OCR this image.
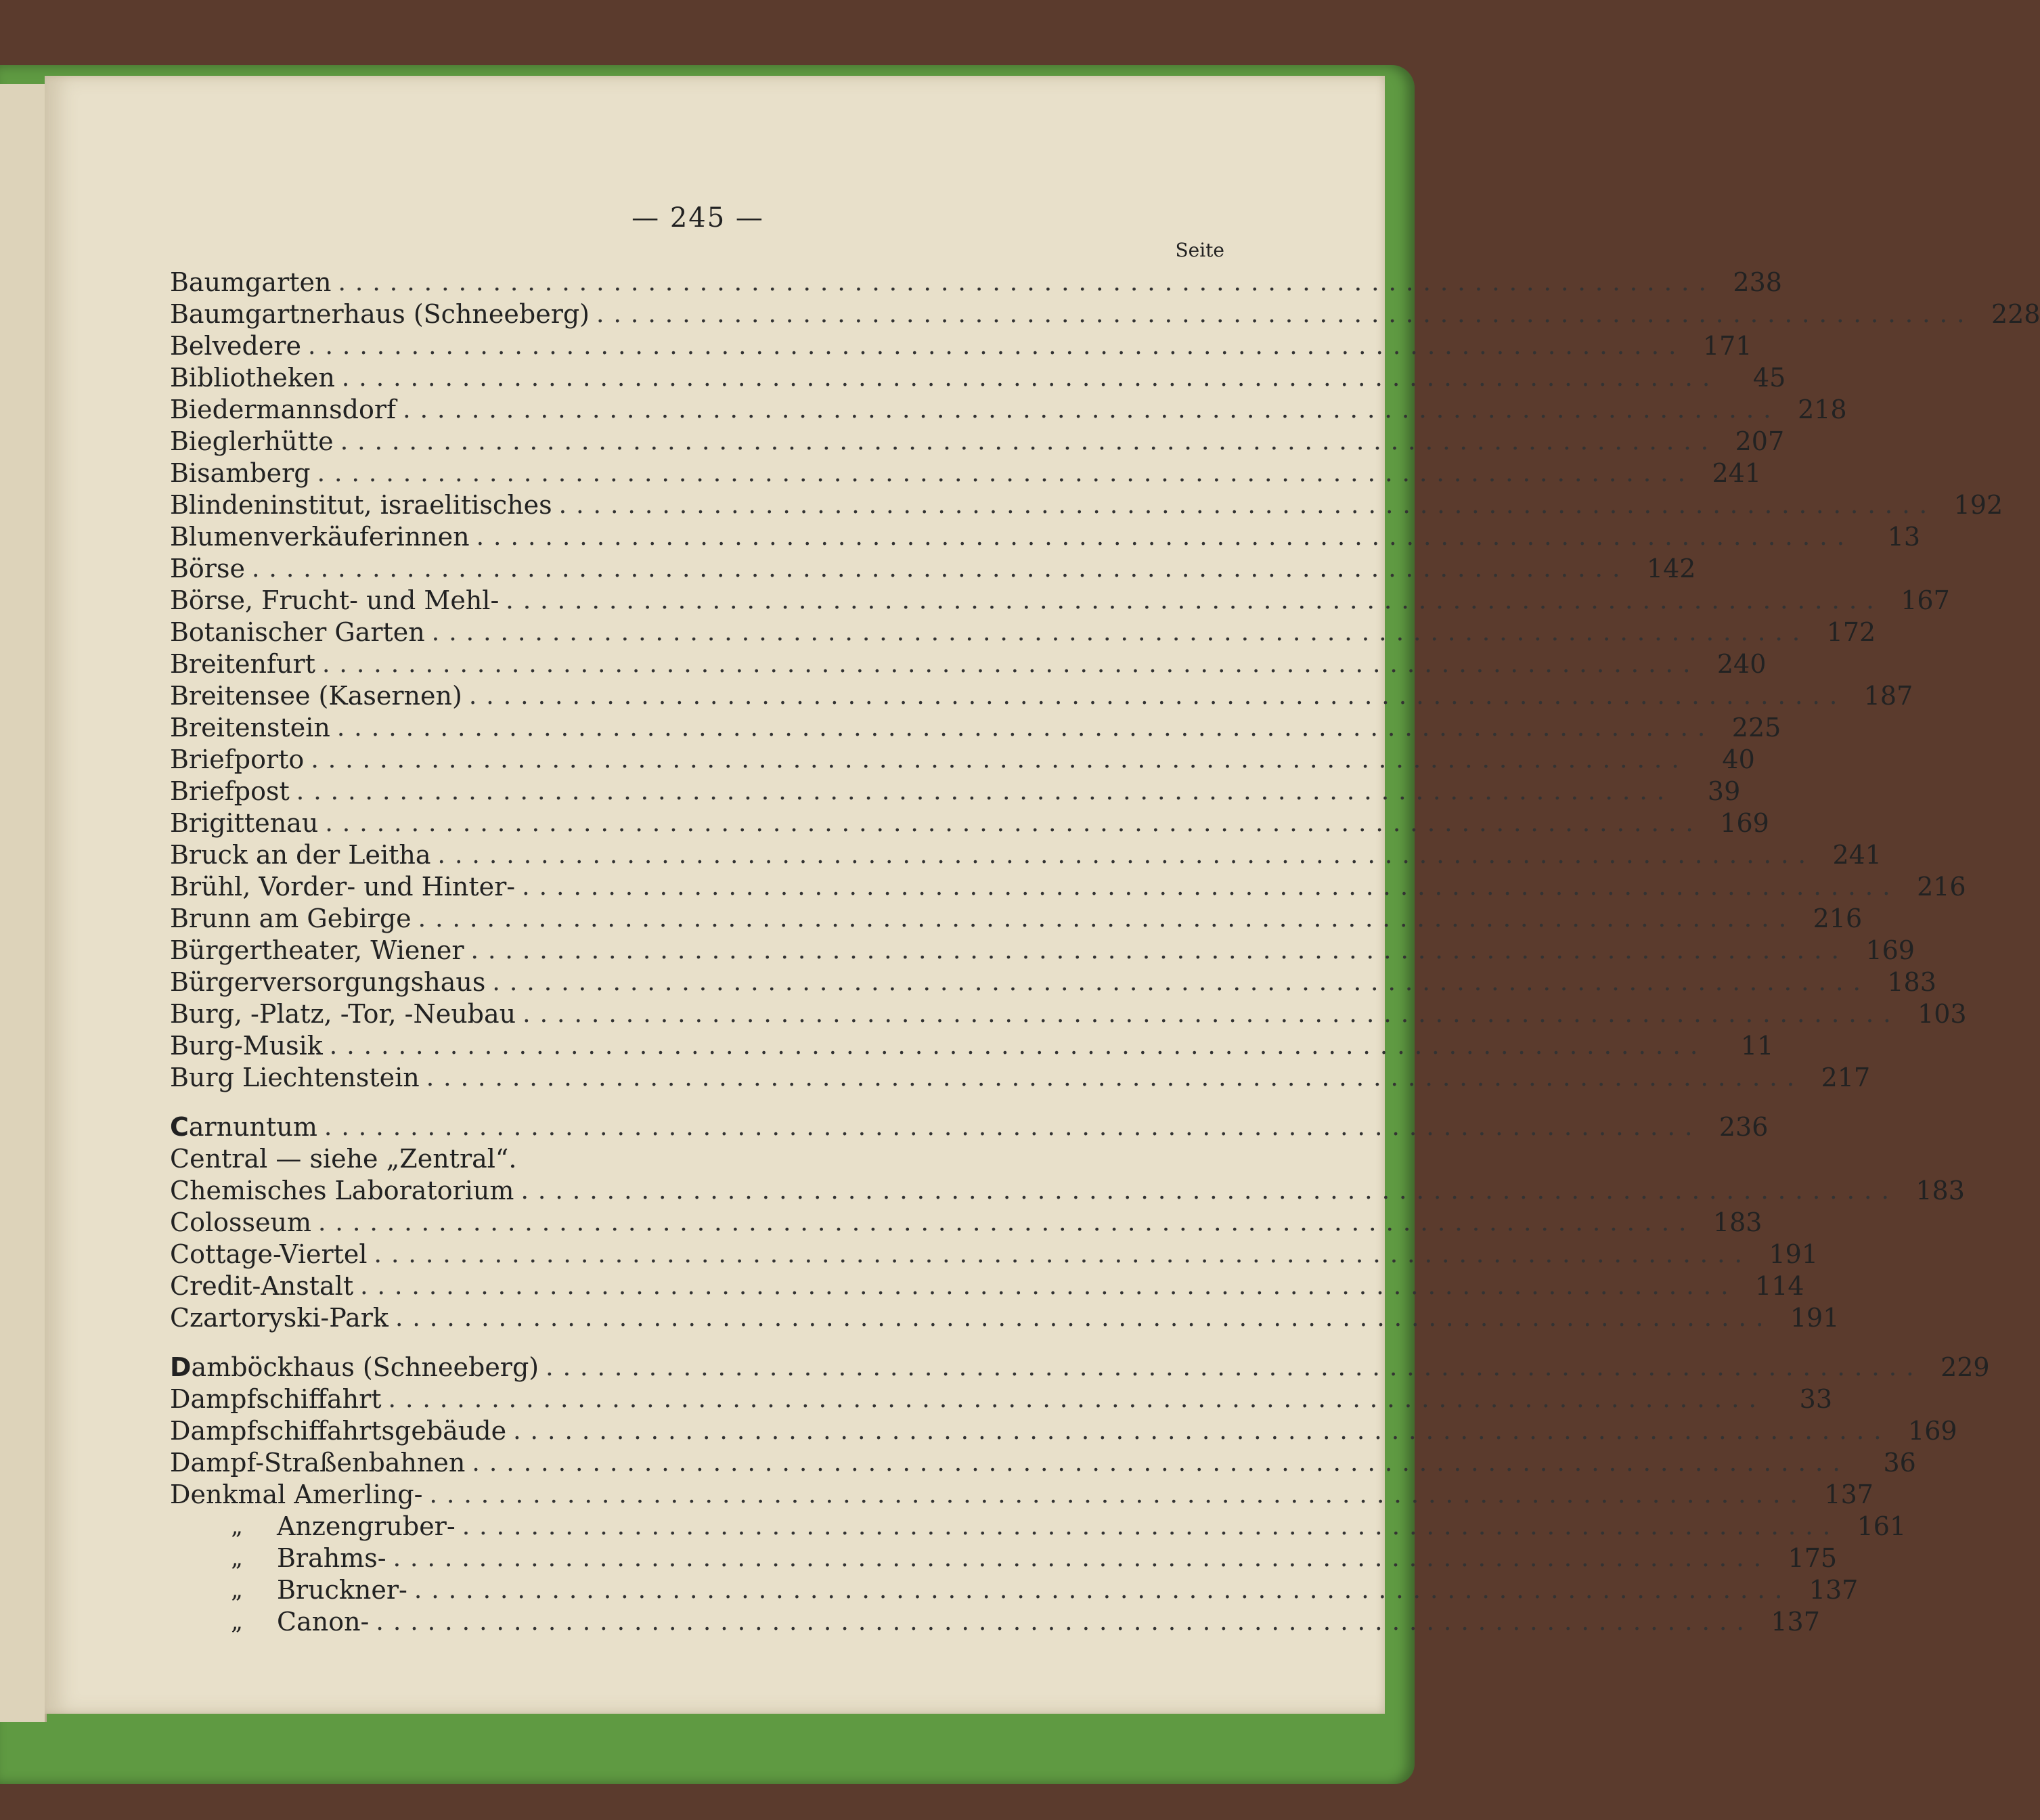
— 245 —
Seite
Baumgarten ................................................................................ 238
Baumgartnerhaus (Schneeberg) ................................................................................ 228
Belvedere ................................................................................ 171
Bibliotheken ................................................................................	45
Biedermannsdorf ................................................................................ 218
Bieglerhütte ................................................................................ 207
Bisamberg ................................................................................ 241
Blindeninstitut, israelitisches ................................................................................ 192
Blumenverkäuferinnen ................................................................................	13
Börse ................................................................................ 142
Börse, Frucht- und Mehl- ................................................................................ 167
Botanischer Garten ................................................................................ 172
Breitenfurt ................................................................................ 240
Breitensee (Kasernen) ................................................................................ 187
Breitenstein ................................................................................ 225
Briefporto ................................................................................	40
Briefpost ................................................................................	39
Brigittenau ................................................................................ 169
Bruck an der Leitha ................................................................................ 241
Brühl, Vorder- und Hinter- ................................................................................ 216
Brunn am Gebirge ................................................................................ 216
Bürgertheater, Wiener ................................................................................ 169
Bürgerversorgungshaus ................................................................................ 183
Burg, -Platz, -Tor, -Neubau ................................................................................ 103
Burg-Musik ................................................................................	11
Burg Liechtenstein ................................................................................ 217
Carnuntum ................................................................................ 236
Central — siehe „Zentral“.
Chemisches Laboratorium ................................................................................ 183
Colosseum ................................................................................ 183
Cottage-Viertel ................................................................................ 191
Credit-Anstalt ................................................................................ 114
Czartoryski-Park ................................................................................ 191
Damböckhaus (Schneeberg) ................................................................................ 229
Dampfschiffahrt ................................................................................	33
Dampfschiffahrtsgebäude ................................................................................ 169
Dampf-Straßenbahnen ................................................................................	36
Denkmal Amerling- ................................................................................ 137
„	Anzengruber- ................................................................................ 161
„	Brahms- ................................................................................ 175
„	Bruckner- ................................................................................ 137
„	Canon- ................................................................................ 137
